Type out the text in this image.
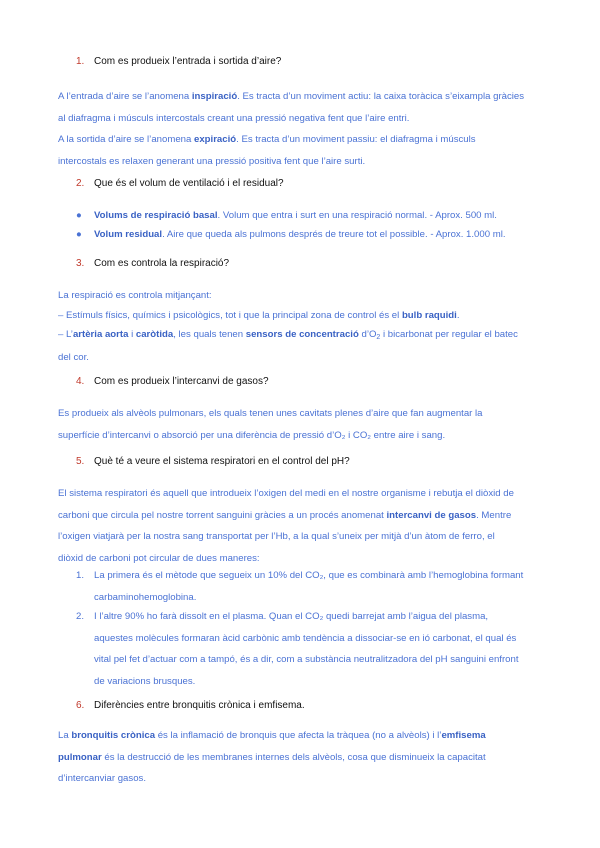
1. Com es produeix l’entrada i sortida d’aire?
A l’entrada d’aire se l’anomena inspiració. Es tracta d’un moviment actiu: la caixa toràcica s’eixampla gràcies
al diafragma i músculs intercostals creant una pressió negativa fent que l’aire entri.
A la sortida d’aire se l’anomena expiració. Es tracta d’un moviment passiu: el diafragma i músculs
intercostals es relaxen generant una pressió positiva fent que l’aire surti.
2. Que és el volum de ventilació i el residual?
● Volums de respiració basal. Volum que entra i surt en una respiració normal. - Aprox. 500 ml.
● Volum residual. Aire que queda als pulmons després de treure tot el possible. - Aprox. 1.000 ml.
3. Com es controla la respiració?
La respiració es controla mitjançant:
– Estímuls físics, químics i psicològics, tot i que la principal zona de control és el bulb raquidi.
– L’artèria aorta i caròtida, les quals tenen sensors de concentració $d’O_2$ i bicarbonat per regular el batec
del cor.
4. Com es produeix l’intercanvi de gasos?
Es produeix als alvèols pulmonars, els quals tenen unes cavitats plenes d’aire que fan augmentar la
superfície d’intercanvi o absorció per una diferència de pressió d’O₂ i CO₂ entre aire i sang.
5. Què té a veure el sistema respiratori en el control del pH?
El sistema respiratori és aquell que introdueix l’oxigen del medi en el nostre organisme i rebutja el diòxid de
carboni que circula pel nostre torrent sanguini gràcies a un procés anomenat intercanvi de gasos. Mentre
l’oxigen viatjarà per la nostra sang transportat per l’Hb, a la qual s’uneix per mitjà d’un àtom de ferro, el
diòxid de carboni pot circular de dues maneres:
1. La primera és el mètode que segueix un 10% del CO₂, que es combinarà amb l’hemoglobina formant
carbaminohemoglobina.
2. I l’altre 90% ho farà dissolt en el plasma. Quan el CO₂ quedi barrejat amb l’aigua del plasma,
aquestes molècules formaran àcid carbònic amb tendència a dissociar-se en ió carbonat, el qual és
vital pel fet d’actuar com a tampó, és a dir, com a substància neutralitzadora del pH sanguini enfront
de variacions brusques.
6. Diferències entre bronquitis crònica i emfisema.
La bronquitis crònica és la inflamació de bronquis que afecta la tràquea (no a alvèols) i l’emfisema
pulmonar és la destrucció de les membranes internes dels alvèols, cosa que disminueix la capacitat
d’intercanviar gasos.
